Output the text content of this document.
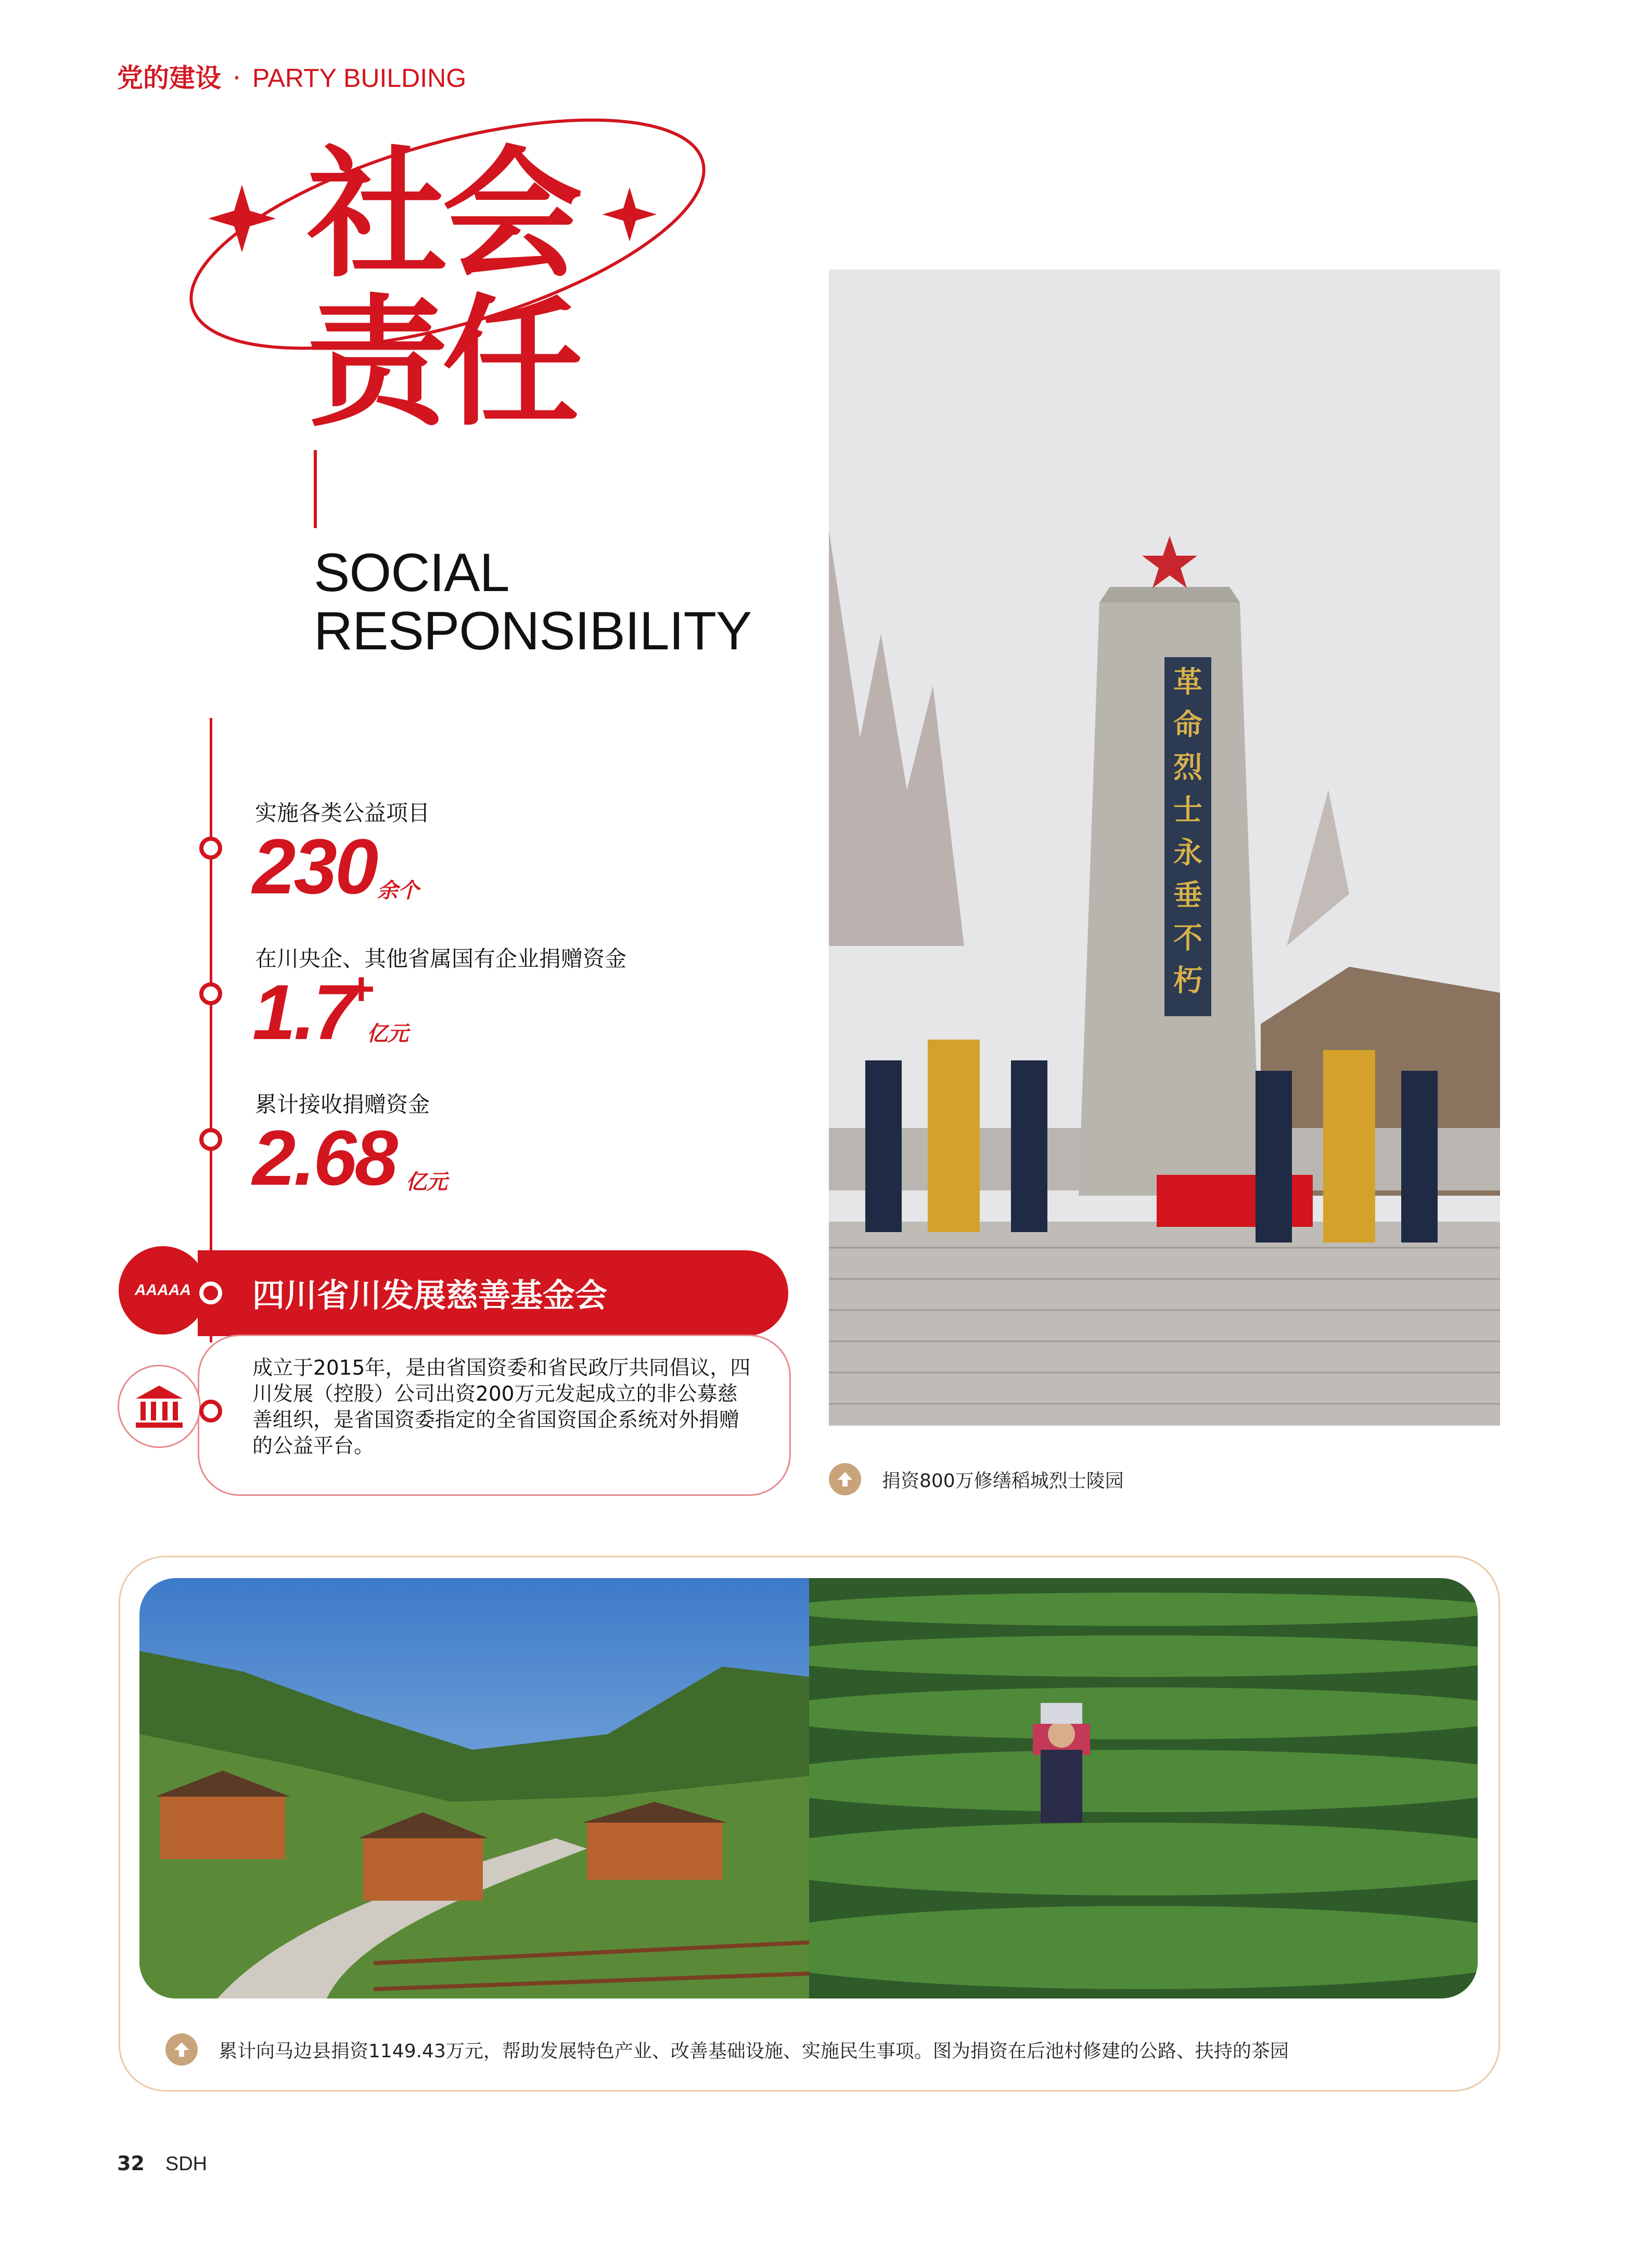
党的建设 · PARTY BUILDING
社会
责任
SOCIAL
RESPONSIBILITY
实施各类公益项目
230 余个
在川央企、其他省属国有企业捐赠资金
1.7
+
亿元
累计接收捐赠资金
2.68 亿元
AAAAA	四川省川发展慈善基金会
成立于2015年，是由省国资委和省民政厅共同倡议，四川发展（控股）公司出资200万元发起成立的非公募慈善组织，是省国资委指定的全省国资国企系统对外捐赠的公益平台。
革
命
烈
士
永
垂
不
朽
捐资800万修缮稻城烈士陵园
累计向马边县捐资1149.43万元，帮助发展特色产业、改善基础设施、实施民生事项。图为捐资在后池村修建的公路、扶持的茶园
32 SDH
